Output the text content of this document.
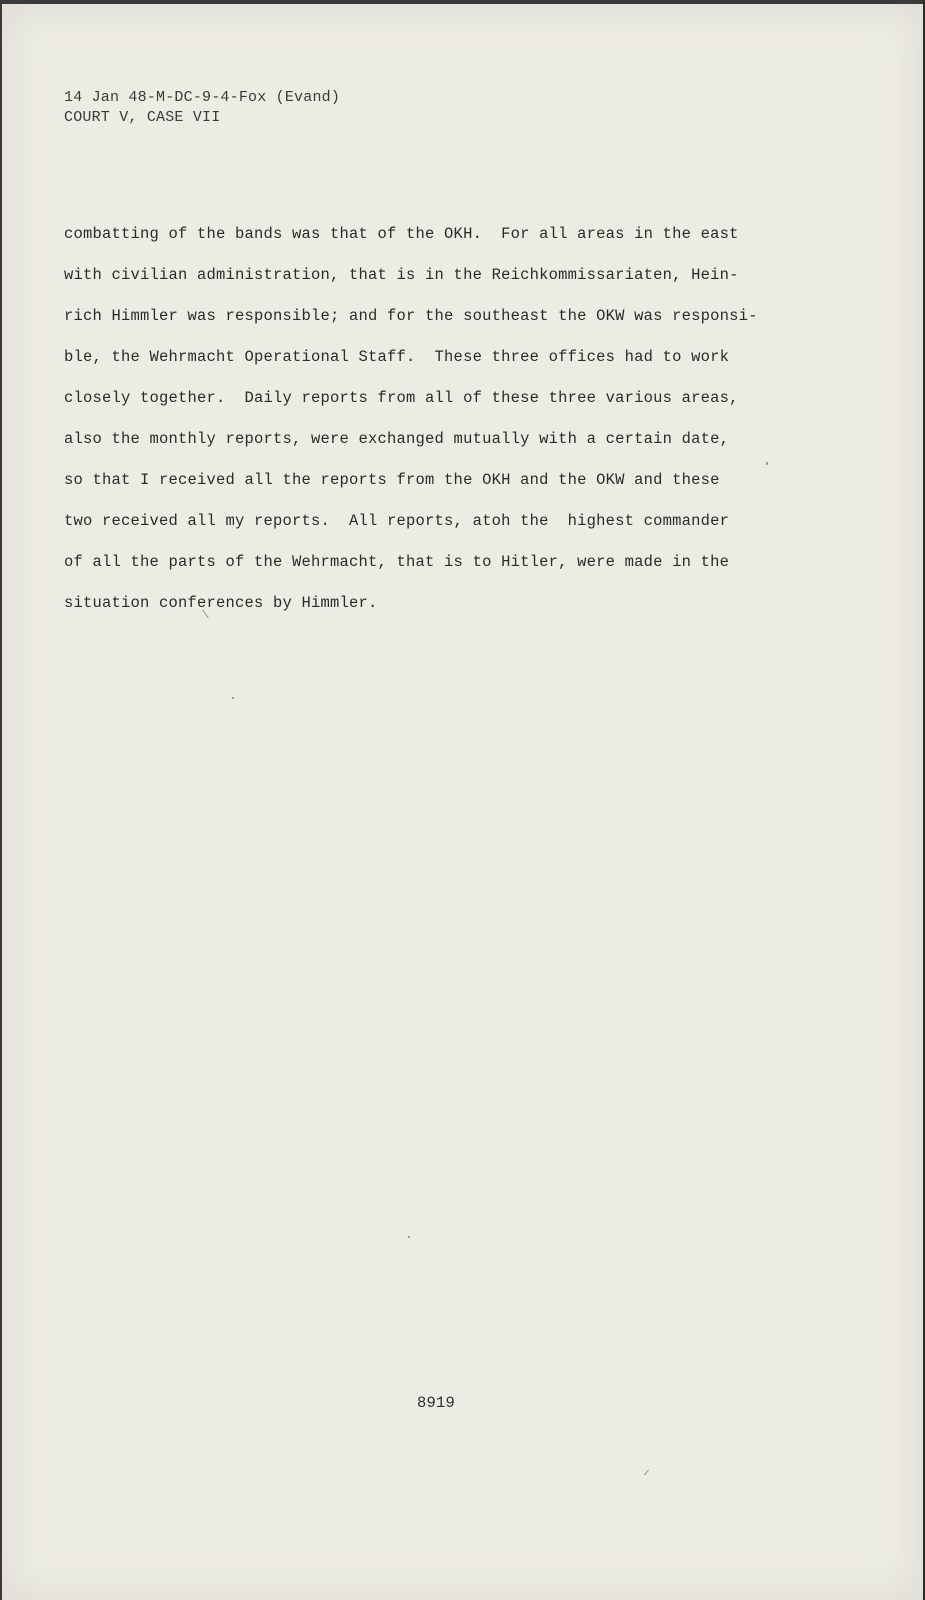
14 Jan 48-M-DC-9-4-Fox (Evand)
COURT V, CASE VII
combatting of the bands was that of the OKH.  For all areas in the east
with civilian administration, that is in the Reichkommissariaten, Hein-
rich Himmler was responsible; and for the southeast the OKW was responsi-
ble, the Wehrmacht Operational Staff.  These three offices had to work
closely together.  Daily reports from all of these three various areas,
also the monthly reports, were exchanged mutually with a certain date,
so that I received all the reports from the OKH and the OKW and these
two received all my reports.  All reports, atoh the  highest commander
of all the parts of the Wehrmacht, that is to Hitler, were made in the
situation conferences by Himmler.
8919
